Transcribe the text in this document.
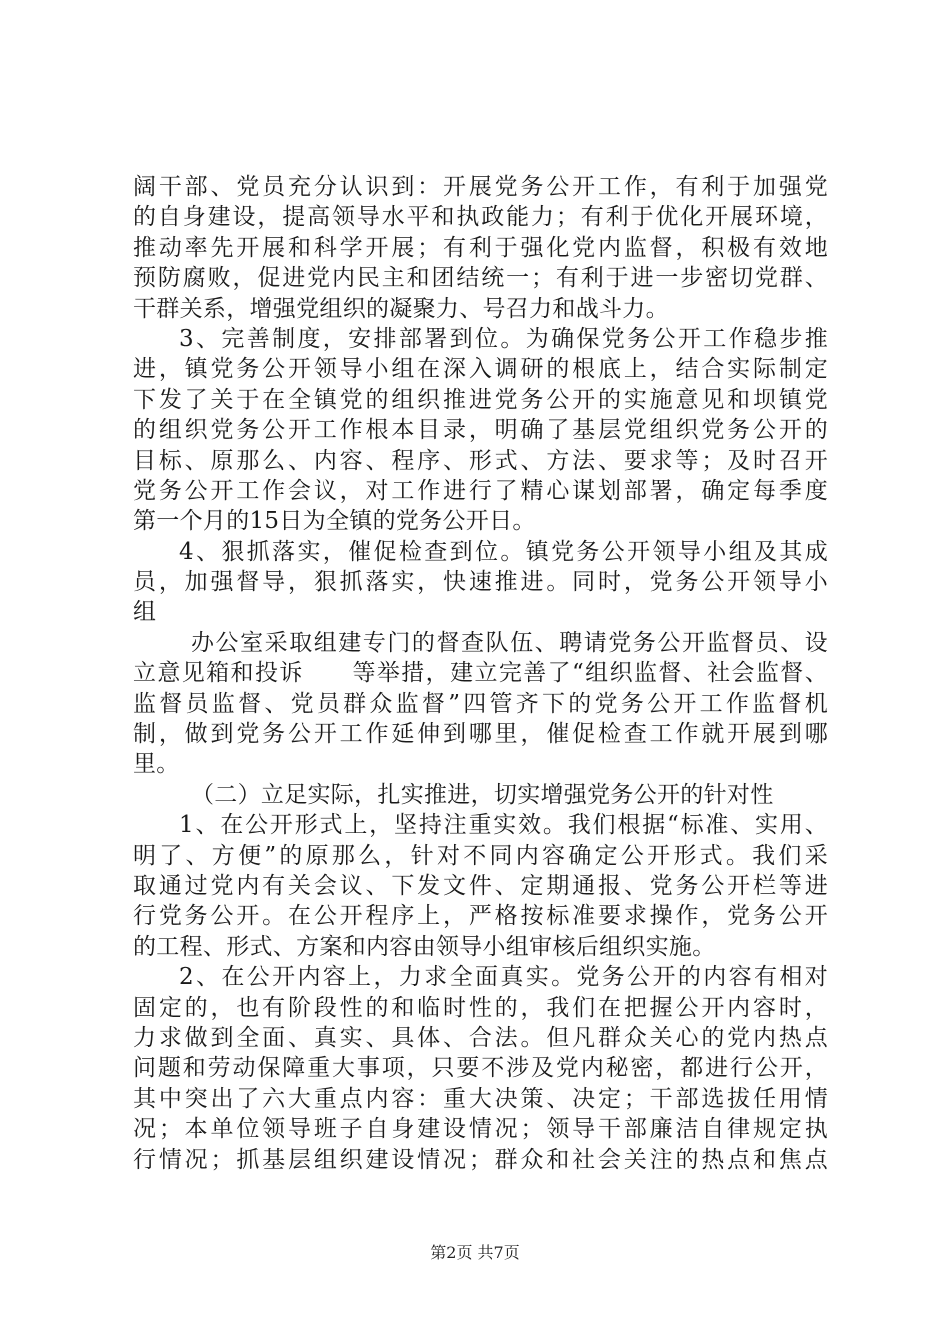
阔干部、党员充分认识到：开展党务公开工作，有利于加强党
的自身建设，提高领导水平和执政能力；有利于优化开展环境，
推动率先开展和科学开展；有利于强化党内监督，积极有效地
预防腐败，促进党内民主和团结统一；有利于进一步密切党群、
干群关系，增强党组织的凝聚力、号召力和战斗力。
3、完善制度，安排部署到位。为确保党务公开工作稳步推
进，镇党务公开领导小组在深入调研的根底上，结合实际制定
下发了关于在全镇党的组织推进党务公开的实施意见和坝镇党
的组织党务公开工作根本目录，明确了基层党组织党务公开的
目标、原那么、内容、程序、形式、方法、要求等；及时召开
党务公开工作会议，对工作进行了精心谋划部署，确定每季度
第一个月的15日为全镇的党务公开日。
4、狠抓落实，催促检查到位。镇党务公开领导小组及其成
员，加强督导，狠抓落实，快速推进。同时，党务公开领导小
组
办公室采取组建专门的督查队伍、聘请党务公开监督员、设
立意见箱和投诉　　等举措，建立完善了“组织监督、社会监督、
监督员监督、党员群众监督”四管齐下的党务公开工作监督机
制，做到党务公开工作延伸到哪里，催促检查工作就开展到哪
里。
（二）立足实际，扎实推进，切实增强党务公开的针对性
1、在公开形式上，坚持注重实效。我们根据“标准、实用、
明了、方便”的原那么，针对不同内容确定公开形式。我们采
取通过党内有关会议、下发文件、定期通报、党务公开栏等进
行党务公开。在公开程序上，严格按标准要求操作，党务公开
的工程、形式、方案和内容由领导小组审核后组织实施。
2、在公开内容上，力求全面真实。党务公开的内容有相对
固定的，也有阶段性的和临时性的，我们在把握公开内容时，
力求做到全面、真实、具体、合法。但凡群众关心的党内热点
问题和劳动保障重大事项，只要不涉及党内秘密，都进行公开，
其中突出了六大重点内容：重大决策、决定；干部选拔任用情
况；本单位领导班子自身建设情况；领导干部廉洁自律规定执
行情况；抓基层组织建设情况；群众和社会关注的热点和焦点
第2页 共7页
